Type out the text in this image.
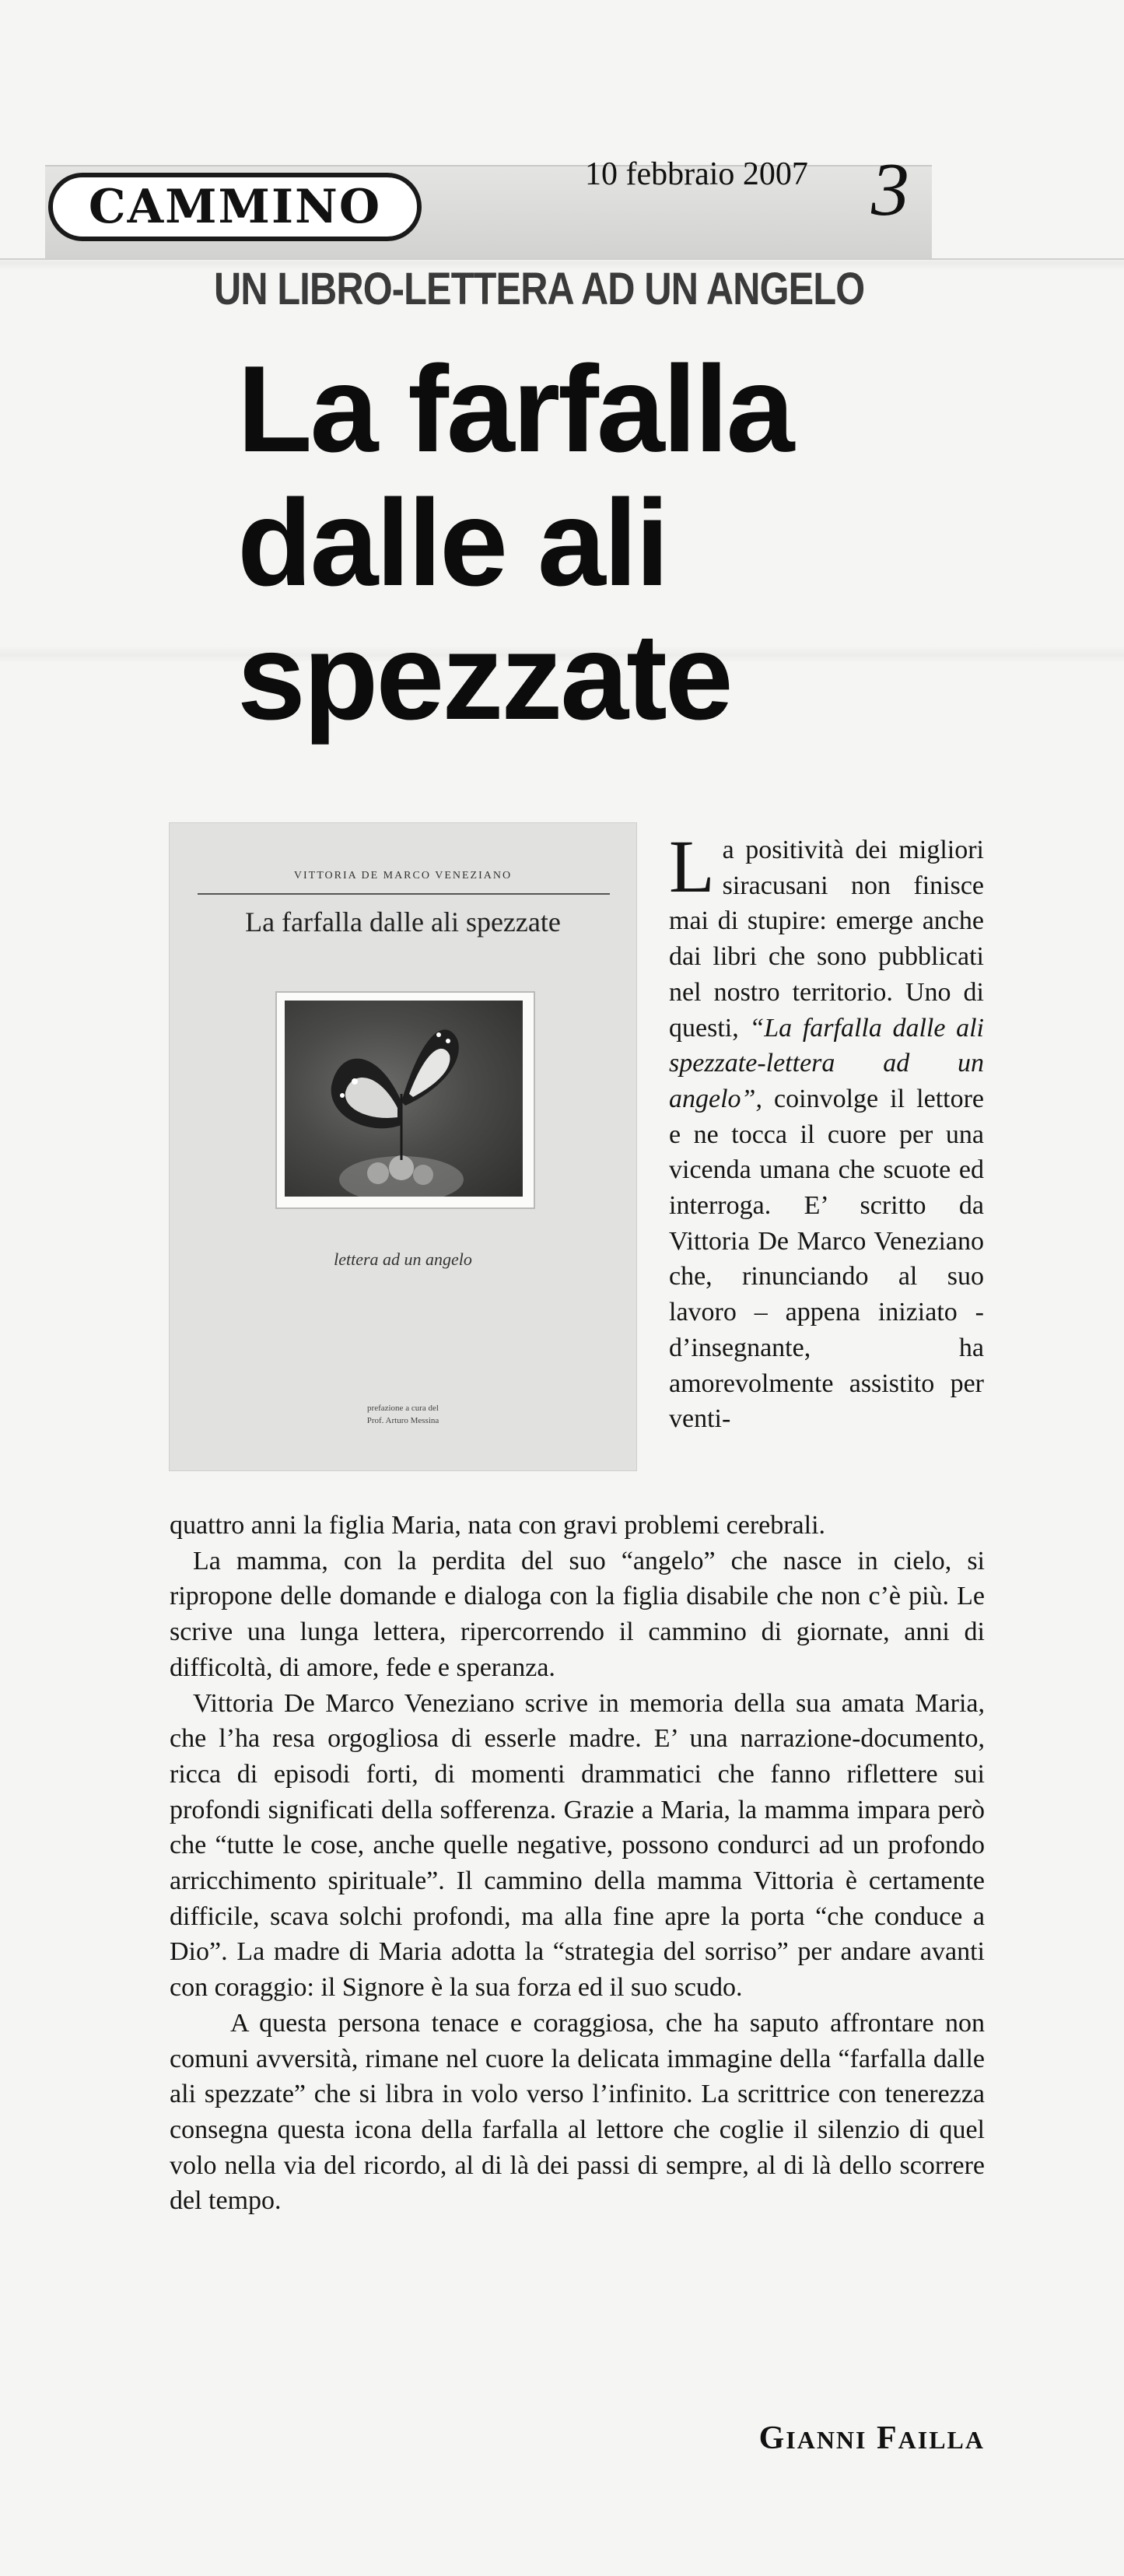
CAMMINO
10 febbraio 2007 3
UN LIBRO-LETTERA AD UN ANGELO
La farfalla
dalle ali
spezzate
VITTORIA DE MARCO VENEZIANO
La farfalla dalle ali spezzate
lettera ad un angelo
prefazione a cura del
Prof. Arturo Messina
La positività dei migliori siracusani non finisce mai di stupire: emerge anche dai libri che sono pubblicati nel nostro territorio. Uno di questi, “La farfalla dalle ali spezzate-lettera ad un angelo”, coinvolge il lettore e ne tocca il cuore per una vicenda umana che scuote ed interroga. E’ scritto da Vittoria De Marco Veneziano che, rinunciando al suo lavoro – appena iniziato - d’insegnante, ha amorevolmente assistito per venti-

quattro anni la figlia Maria, nata con gravi problemi cerebrali.

La mamma, con la perdita del suo “angelo” che nasce in cielo, si ripropone delle domande e dialoga con la figlia disabile che non c’è più. Le scrive una lunga lettera, ripercorrendo il cammino di giornate, anni di difficoltà, di amore, fede e speranza.

Vittoria De Marco Veneziano scrive in memoria della sua amata Maria, che l’ha resa orgogliosa di esserle madre. E’ una narrazione-documento, ricca di episodi forti, di momenti drammatici che fanno riflettere sui profondi significati della sofferenza. Grazie a Maria, la mamma impara però che “tutte le cose, anche quelle negative, possono condurci ad un profondo arricchimento spirituale”. Il cammino della mamma Vittoria è certamente difficile, scava solchi profondi, ma alla fine apre la porta “che conduce a Dio”. La madre di Maria adotta la “strategia del sorriso” per andare avanti con coraggio: il Signore è la sua forza ed il suo scudo.

A questa persona tenace e coraggiosa, che ha saputo affrontare non comuni avversità, rimane nel cuore la delicata immagine della “farfalla dalle ali spezzate” che si libra in volo verso l’infinito. La scrittrice con tenerezza consegna questa icona della farfalla al lettore che coglie il silenzio di quel volo nella via del ricordo, al di là dei passi di sempre, al di là dello scorrere del tempo.

GIANNI FAILLA
